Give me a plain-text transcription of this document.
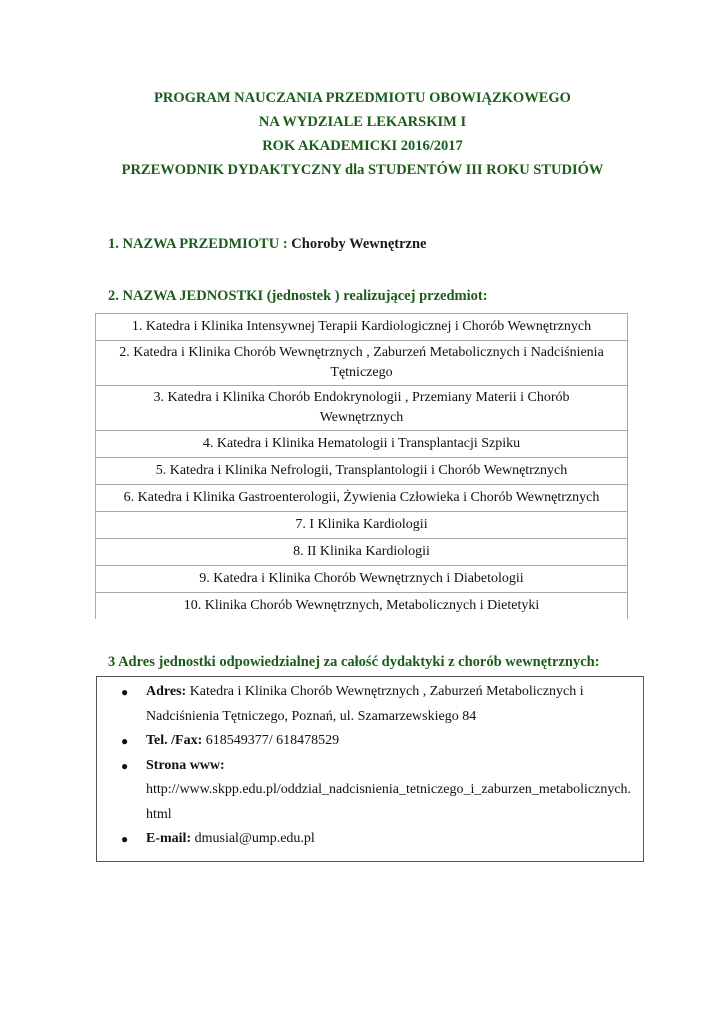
PROGRAM NAUCZANIA PRZEDMIOTU OBOWIĄZKOWEGO
NA WYDZIALE LEKARSKIM I
ROK AKADEMICKI 2016/2017
PRZEWODNIK DYDAKTYCZNY dla STUDENTÓW III ROKU STUDIÓW
1. NAZWA PRZEDMIOTU : Choroby Wewnętrzne
2. NAZWA JEDNOSTKI (jednostek ) realizującej przedmiot:
1. Katedra i Klinika Intensywnej Terapii Kardiologicznej i Chorób Wewnętrznych
2. Katedra i Klinika Chorób Wewnętrznych , Zaburzeń Metabolicznych i Nadciśnienia Tętniczego
3. Katedra i Klinika Chorób Endokrynologii , Przemiany Materii i Chorób Wewnętrznych
4. Katedra i Klinika Hematologii i Transplantacji Szpiku
5. Katedra i Klinika Nefrologii, Transplantologii i Chorób Wewnętrznych
6. Katedra i Klinika Gastroenterologii, Żywienia Człowieka i Chorób Wewnętrznych
7. I Klinika Kardiologii
8. II Klinika Kardiologii
9. Katedra i Klinika Chorób Wewnętrznych i Diabetologii
10. Klinika Chorób Wewnętrznych, Metabolicznych i Dietetyki
3 Adres jednostki odpowiedzialnej za całość dydaktyki z chorób wewnętrznych:
● Adres: Katedra i Klinika Chorób Wewnętrznych , Zaburzeń Metabolicznych i Nadciśnienia Tętniczego, Poznań, ul. Szamarzewskiego 84
● Tel. /Fax: 618549377/ 618478529
● Strona www:
http://www.skpp.edu.pl/oddzial_nadcisnienia_tetniczego_i_zaburzen_metabolicznych.html
● E-mail: dmusial@ump.edu.pl
